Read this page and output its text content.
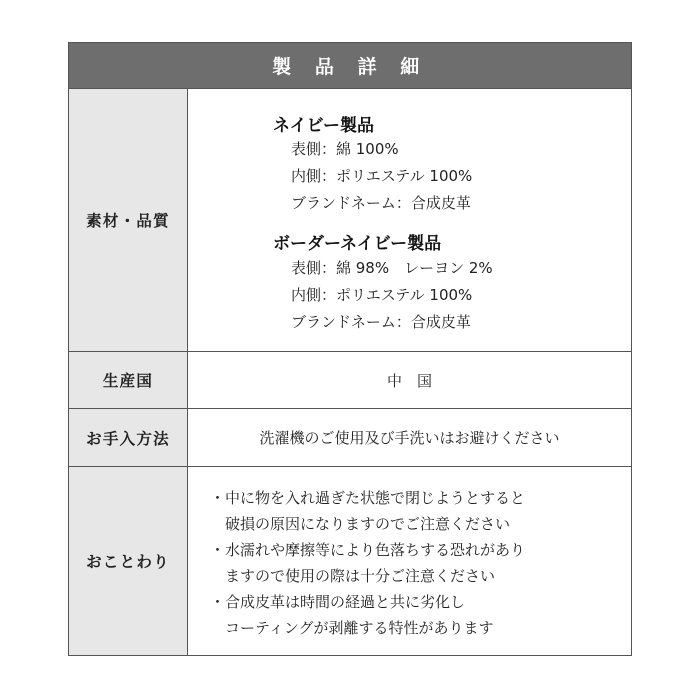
製 品 詳 細
素材・品質
ネイビー製品
表側：綿 100%
内側：ポリエステル 100%
ブランドネーム：合成皮革
ボーダーネイビー製品
表側：綿 98%　レーヨン 2%
内側：ポリエステル 100%
ブランドネーム：合成皮革
生産国	中　国
お手入方法	洗濯機のご使用及び手洗いはお避けください
おことわり
・中に物を入れ過ぎた状態で閉じようとすると
　破損の原因になりますのでご注意ください
・水濡れや摩擦等により色落ちする恐れがあり
　ますので使用の際は十分ご注意ください
・合成皮革は時間の経過と共に劣化し
　コーティングが剥離する特性があります
